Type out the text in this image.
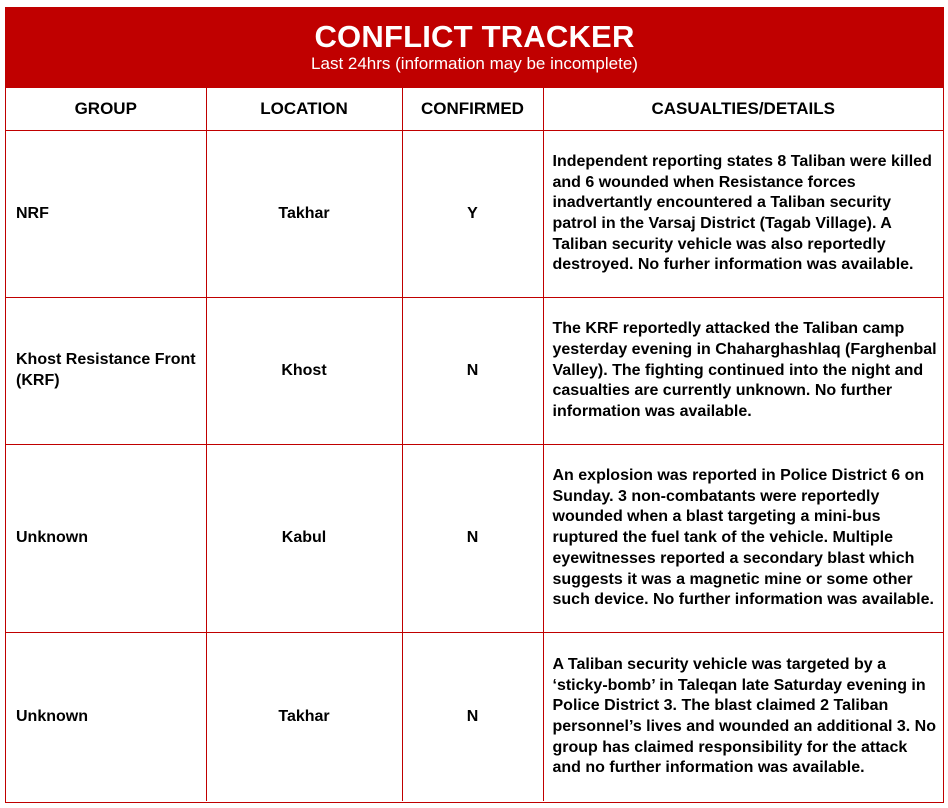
CONFLICT TRACKER
Last 24hrs (information may be incomplete)
GROUP	LOCATION	CONFIRMED	CASUALTIES/DETAILS
NRF	Takhar	Y	Independent reporting states 8 Taliban were killed and 6 wounded when Resistance forces inadvertantly encountered a Taliban security patrol in the Varsaj District (Tagab Village). A Taliban security vehicle was also reportedly destroyed. No furher information was available.
Khost Resistance Front (KRF)	Khost	N	The KRF reportedly attacked the Taliban camp yesterday evening in Chaharghashlaq (Farghenbal Valley). The fighting continued into the night and casualties are currently unknown. No further information was available.
Unknown	Kabul	N	An explosion was reported in Police District 6 on Sunday. 3 non-combatants were reportedly wounded when a blast targeting a mini-bus ruptured the fuel tank of the vehicle. Multiple eyewitnesses reported a secondary blast which suggests it was a magnetic mine or some other such device. No further information was available.
Unknown	Takhar	N	A Taliban security vehicle was targeted by a ‘sticky-bomb’ in Taleqan late Saturday evening in Police District 3. The blast claimed 2 Taliban personnel’s lives and wounded an additional 3. No group has claimed responsibility for the attack and no further information was available.
